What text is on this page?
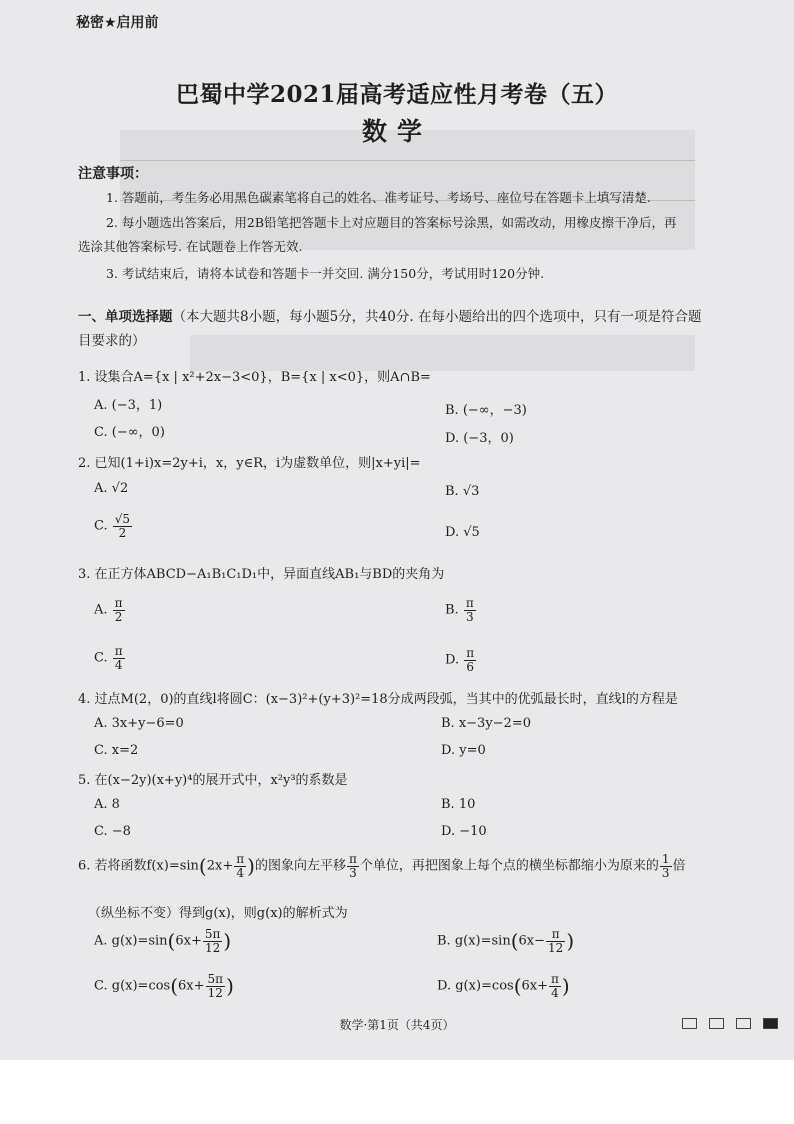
秘密★启用前
巴蜀中学2021届高考适应性月考卷（五）
数学
注意事项：
1. 答题前，考生务必用黑色碳素笔将自己的姓名、准考证号、考场号、座位号在答题卡上填写清楚.
2. 每小题选出答案后，用2B铅笔把答题卡上对应题目的答案标号涂黑，如需改动，用橡皮擦干净后，再
选涂其他答案标号. 在试题卷上作答无效.
3. 考试结束后，请将本试卷和答题卡一并交回. 满分150分，考试用时120分钟.
一、单项选择题（本大题共8小题，每小题5分，共40分. 在每小题给出的四个选项中，只有一项是符合题
目要求的）
1. 设集合A={x | x²+2x−3<0}，B={x | x<0}，则A∩B=
A. (−3，1)	B. (−∞，−3)
C. (−∞，0)	D. (−3，0)
2. 已知(1+i)x=2y+i，x，y∈R，i为虚数单位，则|x+yi|=
A. √2	B. √3
C. $\frac{√5}{2}$	D. √5
3. 在正方体ABCD−A₁B₁C₁D₁中，异面直线AB₁与BD的夹角为
A. $\frac{\pi}{2}$	B. $\frac{\pi}{3}$
C. $\frac{\pi}{4}$	D. $\frac{\pi}{6}$
4. 过点M(2，0)的直线l将圆C：(x−3)²+(y+3)²=18分成两段弧，当其中的优弧最长时，直线l的方程是
A. 3x+y−6=0	B. x−3y−2=0
C. x=2	D. y=0
5. 在(x−2y)(x+y)⁴的展开式中，x²y³的系数是
A. 8	B. 10
C. −8	D. −10
6. 若将函数$f(x)=\sin(2x+ \frac{\pi}{4}$ )的图象向左平移 $\frac{\pi}{3}$ 个单位，再把图象上每个点的横坐标都缩小为原来的 $\frac{1}{3}$ 倍
（纵坐标不变）得到g(x)，则g(x)的解析式为
A. $g(x)=\sin(6x+ \frac{5\pi}{12}$ )	B. $g(x)=\sin(6x- \frac{\pi}{12}$ )
C. $g(x)=\cos(6x+ \frac{5\pi}{12}$ )	D. $g(x)=\cos(6x+ \frac{\pi}{4}$ )
数学·第1页（共4页）
